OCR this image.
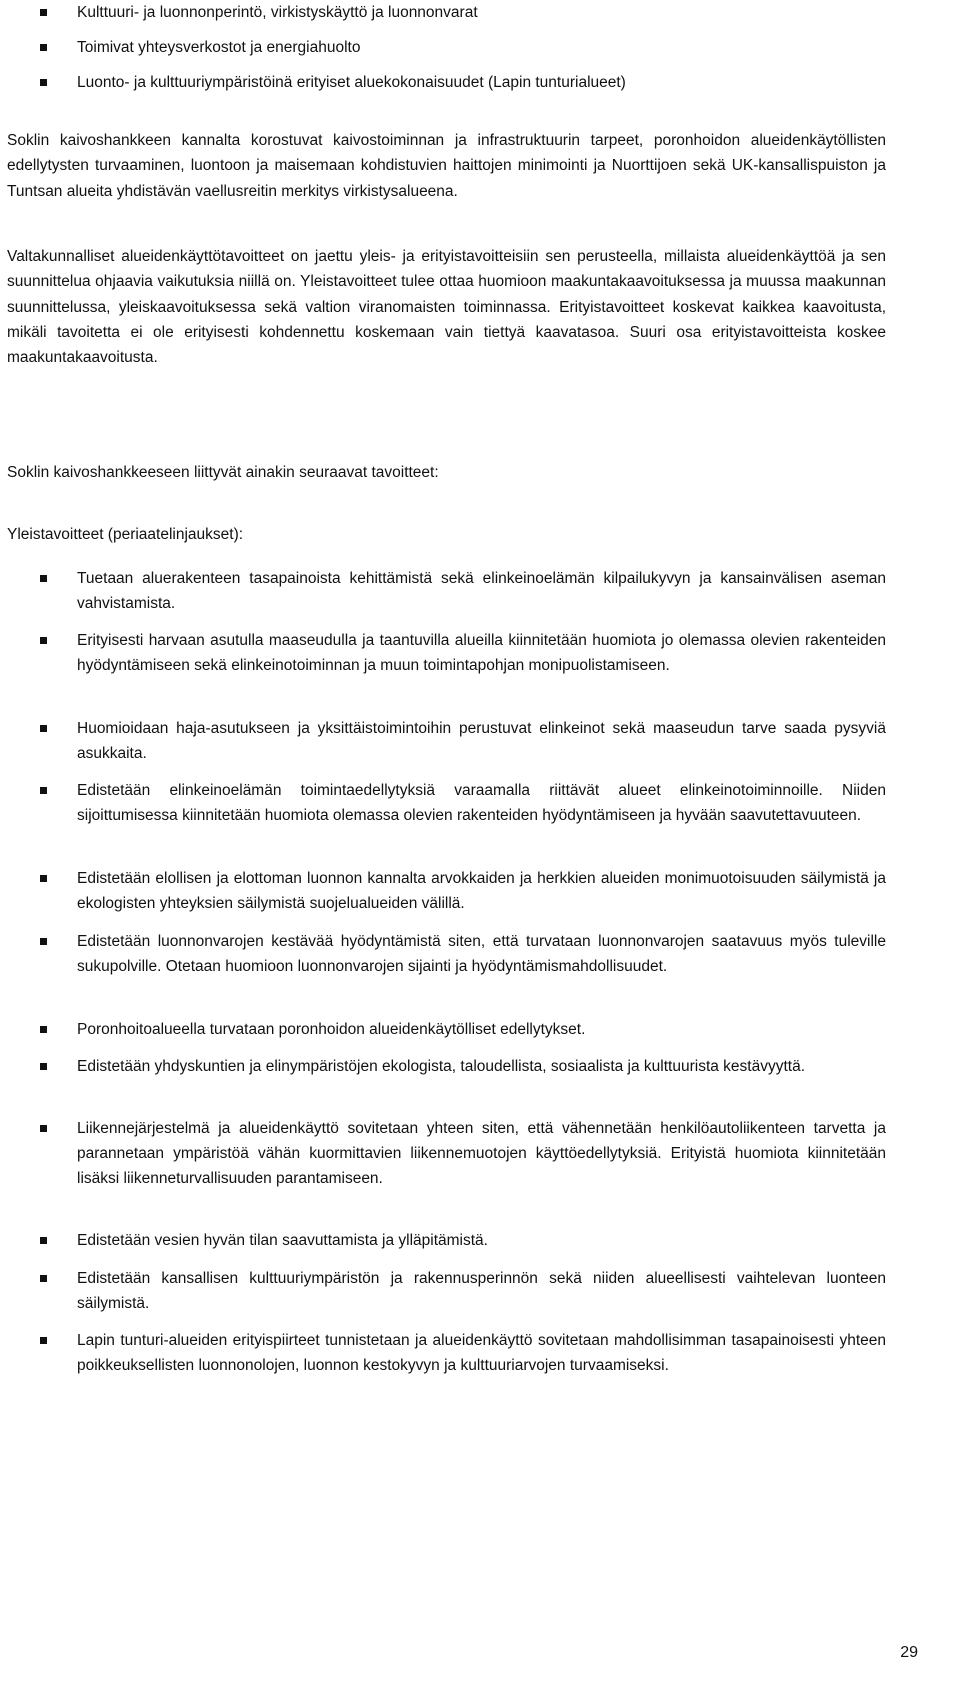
Kulttuuri- ja luonnonperintö, virkistyskäyttö ja luonnonvarat
Toimivat yhteysverkostot ja energiahuolto
Luonto- ja kulttuuriympäristöinä erityiset aluekokonaisuudet (Lapin tunturialueet)

Soklin kaivoshankkeen kannalta korostuvat kaivostoiminnan ja infrastruktuurin tarpeet, poronhoidon alueidenkäytöllisten edellytysten turvaaminen, luontoon ja maisemaan kohdistuvien haittojen minimointi ja Nuorttijoen sekä UK-kansallispuiston ja Tuntsan alueita yhdistävän vaellusreitin merkitys virkistysalueena.

Valtakunnalliset alueidenkäyttötavoitteet on jaettu yleis- ja erityistavoitteisiin sen perusteella, millaista alueidenkäyttöä ja sen suunnittelua ohjaavia vaikutuksia niillä on. Yleistavoitteet tulee ottaa huomioon maakuntakaavoituksessa ja muussa maakunnan suunnittelussa, yleiskaavoituksessa sekä valtion viranomaisten toiminnassa. Erityistavoitteet koskevat kaikkea kaavoitusta, mikäli tavoitetta ei ole erityisesti kohdennettu koskemaan vain tiettyä kaavatasoa. Suuri osa erityistavoitteista koskee maakuntakaavoitusta.

Soklin kaivoshankkeeseen liittyvät ainakin seuraavat tavoitteet:

Yleistavoitteet (periaatelinjaukset):

Tuetaan aluerakenteen tasapainoista kehittämistä sekä elinkeinoelämän kilpailukyvyn ja kansainvälisen aseman vahvistamista.
Erityisesti harvaan asutulla maaseudulla ja taantuvilla alueilla kiinnitetään huomiota jo olemassa olevien rakenteiden hyödyntämiseen sekä elinkeinotoiminnan ja muun toimintapohjan monipuolistamiseen.
Huomioidaan haja-asutukseen ja yksittäistoimintoihin perustuvat elinkeinot sekä maaseudun tarve saada pysyviä asukkaita.
Edistetään elinkeinoelämän toimintaedellytyksiä varaamalla riittävät alueet elinkeinotoiminnoille. Niiden sijoittumisessa kiinnitetään huomiota olemassa olevien rakenteiden hyödyntämiseen ja hyvään saavutettavuuteen.
Edistetään elollisen ja elottoman luonnon kannalta arvokkaiden ja herkkien alueiden monimuotoisuuden säilymistä ja ekologisten yhteyksien säilymistä suojelualueiden välillä.
Edistetään luonnonvarojen kestävää hyödyntämistä siten, että turvataan luonnonvarojen saatavuus myös tuleville sukupolville. Otetaan huomioon luonnonvarojen sijainti ja hyödyntämismahdollisuudet.
Poronhoitoalueella turvataan poronhoidon alueidenkäytölliset edellytykset.
Edistetään yhdyskuntien ja elinympäristöjen ekologista, taloudellista, sosiaalista ja kulttuurista kestävyyttä.
Liikennejärjestelmä ja alueidenkäyttö sovitetaan yhteen siten, että vähennetään henkilöautoliikenteen tarvetta ja parannetaan ympäristöä vähän kuormittavien liikennemuotojen käyttöedellytyksiä. Erityistä huomiota kiinnitetään lisäksi liikenneturvallisuuden parantamiseen.
Edistetään vesien hyvän tilan saavuttamista ja ylläpitämistä.
Edistetään kansallisen kulttuuriympäristön ja rakennusperinnön sekä niiden alueellisesti vaihtelevan luonteen säilymistä.
Lapin tunturi-alueiden erityispiirteet tunnistetaan ja alueidenkäyttö sovitetaan mahdollisimman tasapainoisesti yhteen poikkeuksellisten luonnonolojen, luonnon kestokyvyn ja kulttuuriarvojen turvaamiseksi.
29
